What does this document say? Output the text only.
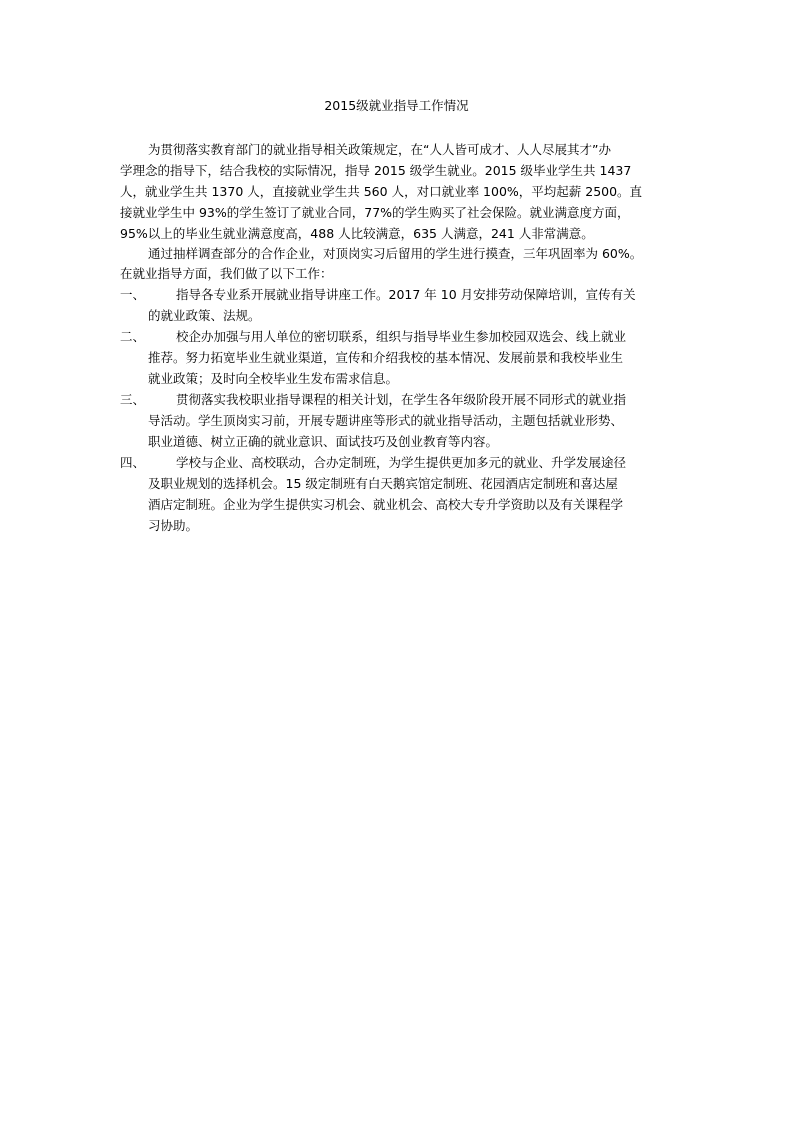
2015级就业指导工作情况
为贯彻落实教育部门的就业指导相关政策规定，在“人人皆可成才、人人尽展其才”办
学理念的指导下，结合我校的实际情况，指导 2015 级学生就业。2015 级毕业学生共 1437
人，就业学生共 1370 人，直接就业学生共 560 人，对口就业率 100%，平均起薪 2500。直
接就业学生中 93%的学生签订了就业合同，77%的学生购买了社会保险。就业满意度方面，
95%以上的毕业生就业满意度高，488 人比较满意，635 人满意，241 人非常满意。
通过抽样调查部分的合作企业，对顶岗实习后留用的学生进行摸查，三年巩固率为 60%。
在就业指导方面，我们做了以下工作：
一、 指导各专业系开展就业指导讲座工作。2017 年 10 月安排劳动保障培训，宣传有关
的就业政策、法规。
二、 校企办加强与用人单位的密切联系，组织与指导毕业生参加校园双选会、线上就业
推荐。努力拓宽毕业生就业渠道，宣传和介绍我校的基本情况、发展前景和我校毕业生
就业政策；及时向全校毕业生发布需求信息。
三、 贯彻落实我校职业指导课程的相关计划，在学生各年级阶段开展不同形式的就业指
导活动。学生顶岗实习前，开展专题讲座等形式的就业指导活动，主题包括就业形势、
职业道德、树立正确的就业意识、面试技巧及创业教育等内容。
四、 学校与企业、高校联动，合办定制班，为学生提供更加多元的就业、升学发展途径
及职业规划的选择机会。15 级定制班有白天鹅宾馆定制班、花园酒店定制班和喜达屋
酒店定制班。企业为学生提供实习机会、就业机会、高校大专升学资助以及有关课程学
习协助。
